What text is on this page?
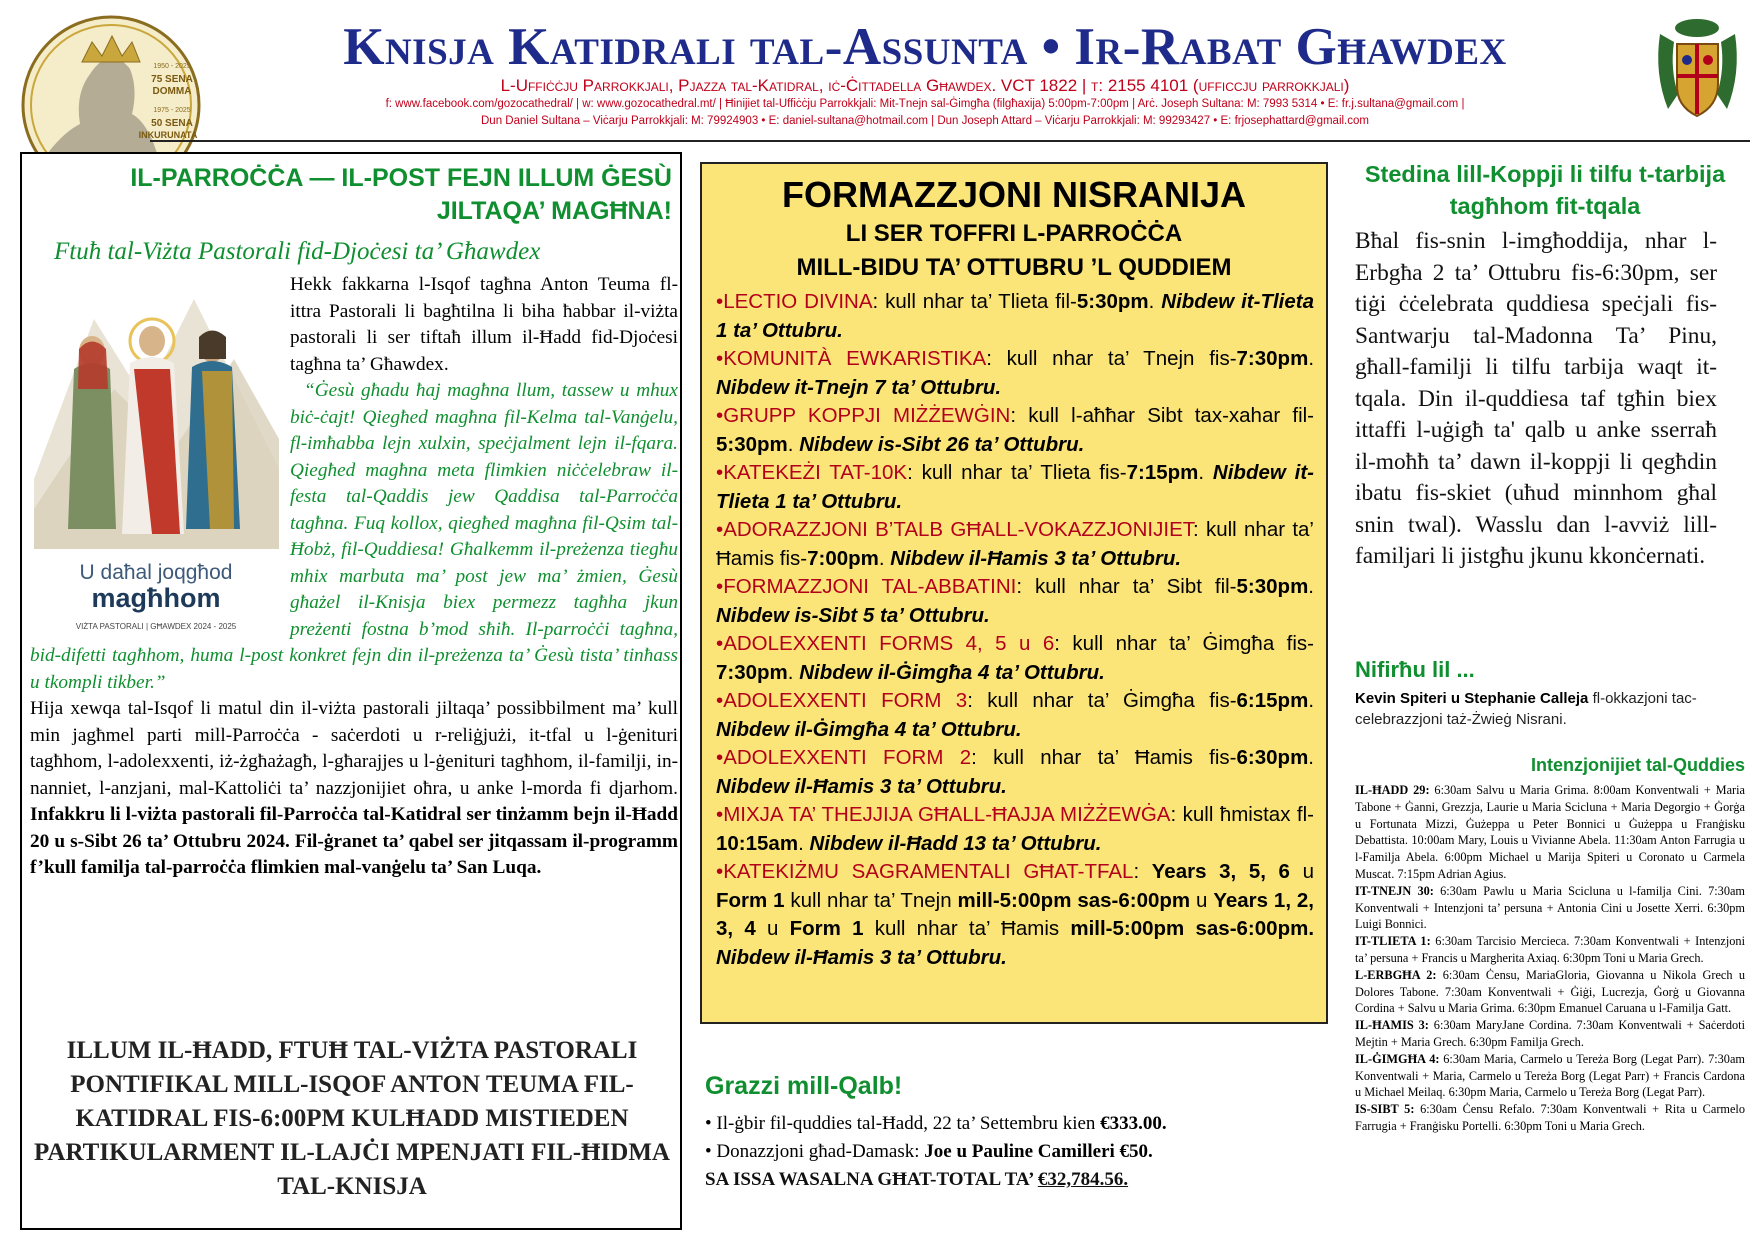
1950 - 2025
75 SENA
DOMMA
1975 - 2025
50 SENA
INKURUNATA
Knisja Katidrali tal-Assunta • Ir-Rabat Għawdex
L-Uffiċċju Parrokkjali, Pjazza tal-Katidral, iċ-Ċittadella Għawdex. VCT 1822 | t: 2155 4101 (ufficcju parrokkjali)
f: www.facebook.com/gozocathedral/ | w: www.gozocathedral.mt/ | Ħinijiet tal-Uffiċċju Parrokkjali: Mit-Tnejn sal-Ġimgħa (filgħaxija) 5:00pm-7:00pm | Arċ. Joseph Sultana: M: 7993 5314 • E: fr.j.sultana@gmail.com |
Dun Daniel Sultana – Viċarju Parrokkjali: M: 79924903 • E: daniel-sultana@hotmail.com | Dun Joseph Attard – Viċarju Parrokkjali: M: 99293427 • E: frjosephattard@gmail.com
IL-PARROĊĊA — IL-POST FEJN ILLUM ĠESÙ JILTAQA’ MAGĦNA!
Ftuħ tal-Viżta Pastorali fid-Djoċesi ta’ Għawdex

Hekk fakkarna l-Isqof tagħna Anton Teuma fl-ittra Pastorali li bagħtilna li biha ħabbar il-viżta pastorali li ser tiftaħ illum il-Ħadd fid-Djoċesi tagħna ta’ Għawdex.

“Ġesù għadu ħaj magħna llum, tassew u mhux biċ-ċajt! Qiegħed magħna fil-Kelma tal-Vanġelu, fl-imħabba lejn xulxin, speċjalment lejn il-fqara. Qiegħed magħna meta flimkien niċċelebraw il-festa tal-Qaddis jew Qaddisa tal-Parroċċa tagħna. Fuq kollox, qiegħed magħna fil-Qsim tal-Ħobż, fil-Quddiesa! Għalkemm il-preżenza tiegħu mhix marbuta ma’ post jew ma’ żmien, Ġesù għażel il-Knisja biex permezz tagħha jkun preżenti fostna b’mod sħiħ. Il-parroċċi tagħna, bid-difetti tagħhom, huma l-post konkret fejn din il-preżenza ta’ Ġesù tista’ tinħass u tkompli tikber.”

Hija xewqa tal-Isqof li matul din il-viżta pastorali jiltaqa’ possibbilment ma’ kull min jagħmel parti mill-Parroċċa - saċerdoti u r-reliġjużi, it-tfal u l-ġenituri tagħhom, l-adolexxenti, iż-żgħażagħ, l-għarajjes u l-ġenituri tagħhom, il-familji, in-nanniet, l-anzjani, mal-Kattoliċi ta’ nazzjonijiet oħra, u anke l-morda fi djarhom. Infakkru li l-viżta pastorali fil-Parroċċa tal-Katidral ser tinżamm bejn il-Ħadd 20 u s-Sibt 26 ta’ Ottubru 2024. Fil-ġranet ta’ qabel ser jitqassam il-programm f’kull familja tal-parroċċa flimkien mal-vanġelu ta’ San Luqa.

U daħal joqgħod
magħhom
VIŻTA PASTORALI | GĦAWDEX 2024 - 2025
ILLUM IL-ĦADD, FTUĦ TAL-VIŻTA PASTORALI PONTIFIKAL MILL-ISQOF ANTON TEUMA FIL-KATIDRAL FIS-6:00PM KULĦADD MISTIEDEN PARTIKULARMENT IL-LAJĊI MPENJATI FIL-ĦIDMA TAL-KNISJA
FORMAZZJONI NISRANIJA
LI SER TOFFRI L-PARROĊĊA
MILL-BIDU TA’ OTTUBRU ’L QUDDIEM

•LECTIO DIVINA: kull nhar ta’ Tlieta fil-5:30pm. Nibdew it-Tlieta 1 ta’ Ottubru.

•KOMUNITÀ EWKARISTIKA: kull nhar ta’ Tnejn fis-7:30pm. Nibdew it-Tnejn 7 ta’ Ottubru.

•GRUPP KOPPJI MIŻŻEWĠIN: kull l-aħħar Sibt tax-xahar fil-5:30pm. Nibdew is-Sibt 26 ta’ Ottubru.

•KATEKEŻI TAT-10K: kull nhar ta’ Tlieta fis-7:15pm. Nibdew it-Tlieta 1 ta’ Ottubru.

•ADORAZZJONI B’TALB GĦALL-VOKAZZJONIJIET: kull nhar ta’ Ħamis fis-7:00pm. Nibdew il-Ħamis 3 ta’ Ottubru.

•FORMAZZJONI TAL-ABBATINI: kull nhar ta’ Sibt fil-5:30pm. Nibdew is-Sibt 5 ta’ Ottubru.

•ADOLEXXENTI FORMS 4, 5 u 6: kull nhar ta’ Ġimgħa fis-7:30pm. Nibdew il-Ġimgħa 4 ta’ Ottubru.

•ADOLEXXENTI FORM 3: kull nhar ta’ Ġimgħa fis-6:15pm. Nibdew il-Ġimgħa 4 ta’ Ottubru.

•ADOLEXXENTI FORM 2: kull nhar ta’ Ħamis fis-6:30pm. Nibdew il-Ħamis 3 ta’ Ottubru.

•MIXJA TA’ THEJJIJA GĦALL-ĦAJJA MIŻŻEWĠA: kull ħmistax fl-10:15am. Nibdew il-Ħadd 13 ta’ Ottubru.

•KATEKIŻMU SAGRAMENTALI GĦAT-TFAL: Years 3, 5, 6 u Form 1 kull nhar ta’ Tnejn mill-5:00pm sas-6:00pm u Years 1, 2, 3, 4 u Form 1 kull nhar ta’ Ħamis mill-5:00pm sas-6:00pm. Nibdew il-Ħamis 3 ta’ Ottubru.

Grazzi mill-Qalb!
• Il-ġbir fil-quddies tal-Ħadd, 22 ta’ Settembru kien €333.00.
• Donazzjoni għad-Damask: Joe u Pauline Camilleri €50.
SA ISSA WASALNA GĦAT-TOTAL TA’ €32,784.56.
Stedina lill-Koppji li tilfu t-tarbija tagħhom fit-tqala
Bħal fis-snin l-imgħoddija, nhar l-Erbgħa 2 ta’ Ottubru fis-6:30pm, ser tiġi ċċelebrata quddiesa speċjali fis-Santwarju tal-Madonna Ta’ Pinu, għall-familji li tilfu tarbija waqt it-tqala. Din il-quddiesa taf tgħin biex ittaffi l-uġigħ ta' qalb u anke sserraħ il-moħħ ta’ dawn il-koppji li qegħdin ibatu fis-skiet (uħud minnhom għal snin twal). Wasslu dan l-avviż lill-familjari li jistgħu jkunu kkonċernati.
Nifirħu lil ...
Kevin Spiteri u Stephanie Calleja fl-okkazjoni tac-celebrazzjoni taż-Żwieġ Nisrani.
Intenzjonijiet tal-Quddies
IL-ĦADD 29: 6:30am Salvu u Maria Grima. 8:00am Konventwali + Maria Tabone + Ġanni, Grezzja, Laurie u Maria Scicluna + Maria Degorgio + Ġorġa u Fortunata Mizzi, Ġużeppa u Peter Bonnici u Ġużeppa u Franġisku Debattista. 10:00am Mary, Louis u Vivianne Abela. 11:30am Anton Farrugia u l-Familja Abela. 6:00pm Michael u Marija Spiteri u Coronato u Carmela Muscat. 7:15pm Adrian Agius.
IT-TNEJN 30: 6:30am Pawlu u Maria Scicluna u l-familja Cini. 7:30am Konventwali + Intenzjoni ta’ persuna + Antonia Cini u Josette Xerri. 6:30pm Luigi Bonnici.
IT-TLIETA 1: 6:30am Tarcisio Mercieca. 7:30am Konventwali + Intenzjoni ta’ persuna + Francis u Margherita Axiaq. 6:30pm Toni u Maria Grech.
L-ERBGĦA 2: 6:30am Ċensu, MariaGloria, Giovanna u Nikola Grech u Dolores Tabone. 7:30am Konventwali + Ġiġi, Lucrezja, Ġorġ u Giovanna Cordina + Salvu u Maria Grima. 6:30pm Emanuel Caruana u l-Familja Gatt.
IL-ĦAMIS 3: 6:30am MaryJane Cordina. 7:30am Konventwali + Saċerdoti Mejtin + Maria Grech. 6:30pm Familja Grech.
IL-ĠIMGĦA 4: 6:30am Maria, Carmelo u Tereża Borg (Legat Parr). 7:30am Konventwali + Maria, Carmelo u Tereża Borg (Legat Parr) + Francis Cardona u Michael Meilaq. 6:30pm Maria, Carmelo u Tereża Borg (Legat Parr).
IS-SIBT 5: 6:30am Ċensu Refalo. 7:30am Konventwali + Rita u Carmelo Farrugia + Franġisku Portelli. 6:30pm Toni u Maria Grech.
